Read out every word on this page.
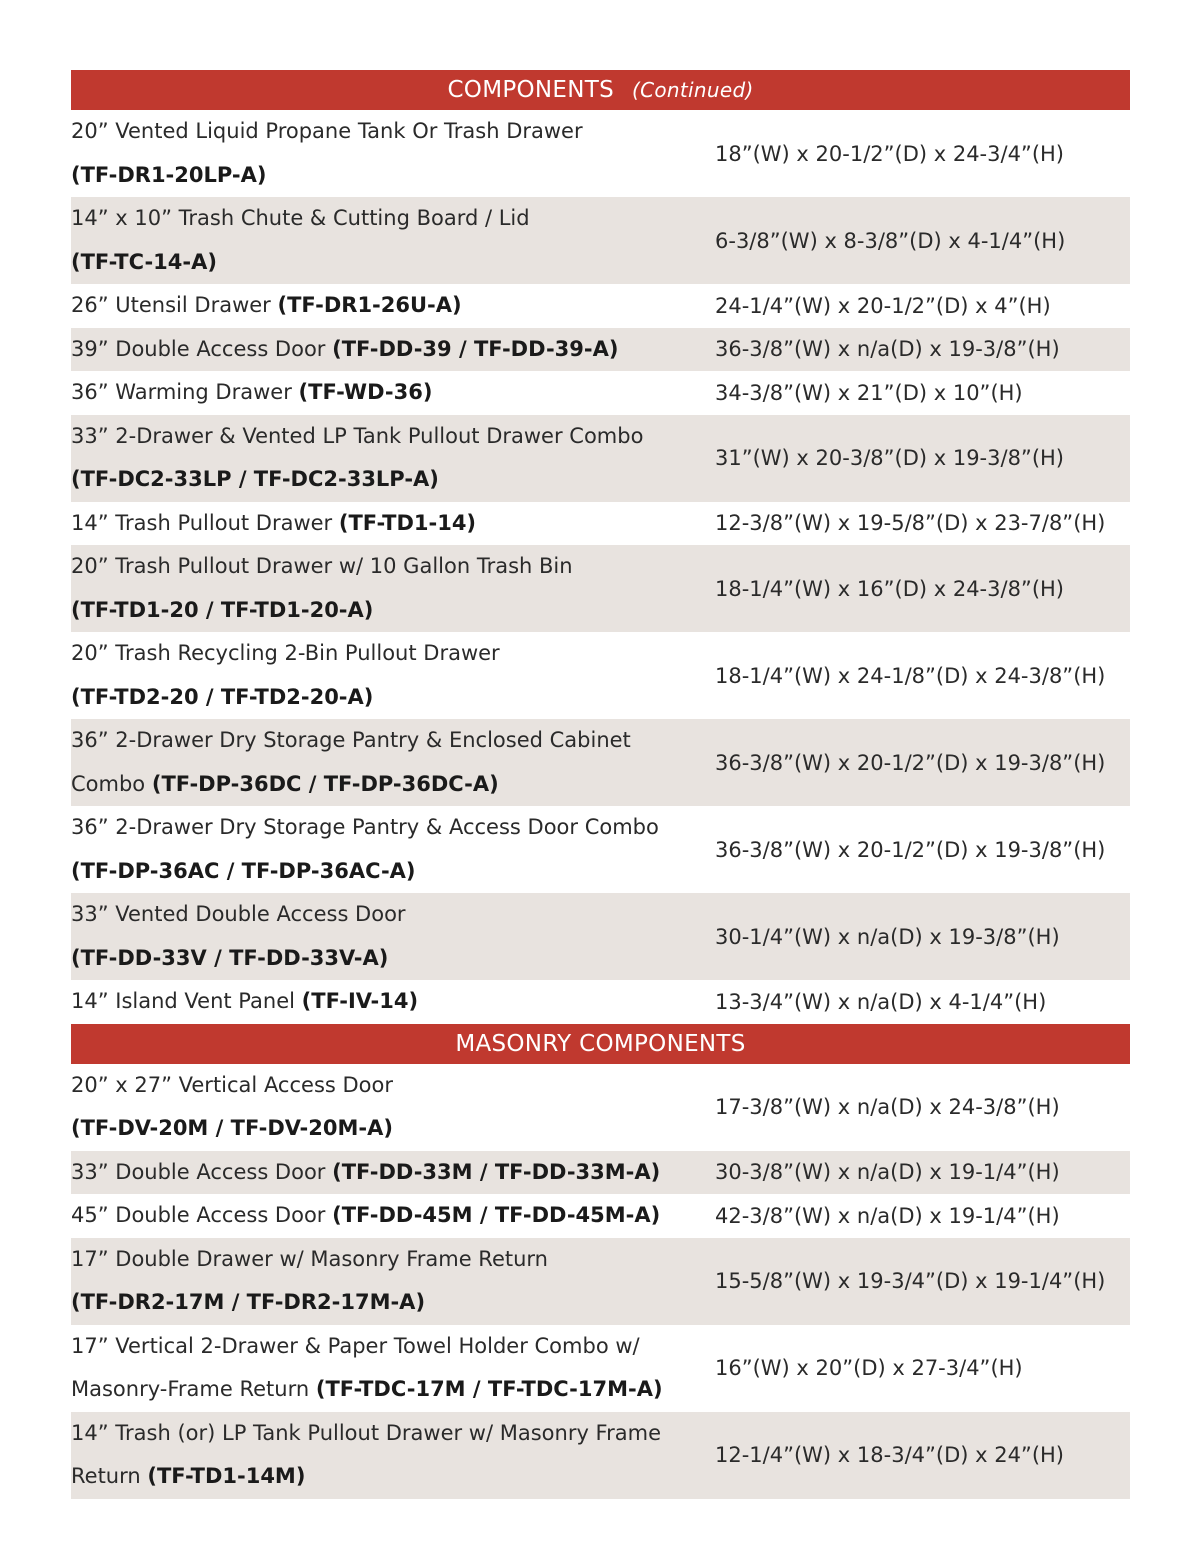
COMPONENTS (Continued)
20” Vented Liquid Propane Tank Or Trash Drawer
(TF-DR1-20LP-A)
18”(W) x 20-1/2”(D) x 24-3/4”(H)
14” x 10” Trash Chute & Cutting Board / Lid
(TF-TC-14-A)
6-3/8”(W) x 8-3/8”(D) x 4-1/4”(H)
26” Utensil Drawer (TF-DR1-26U-A)	24-1/4”(W) x 20-1/2”(D) x 4”(H)
39” Double Access Door (TF-DD-39 / TF-DD-39-A)	36-3/8”(W) x n/a(D) x 19-3/8”(H)
36” Warming Drawer (TF-WD-36)	34-3/8”(W) x 21”(D) x 10”(H)
33” 2-Drawer & Vented LP Tank Pullout Drawer Combo
(TF-DC2-33LP / TF-DC2-33LP-A)
31”(W) x 20-3/8”(D) x 19-3/8”(H)
14” Trash Pullout Drawer (TF-TD1-14)	12-3/8”(W) x 19-5/8”(D) x 23-7/8”(H)
20” Trash Pullout Drawer w/ 10 Gallon Trash Bin
(TF-TD1-20 / TF-TD1-20-A)
18-1/4”(W) x 16”(D) x 24-3/8”(H)
20” Trash Recycling 2-Bin Pullout Drawer
(TF-TD2-20 / TF-TD2-20-A)
18-1/4”(W) x 24-1/8”(D) x 24-3/8”(H)
36” 2-Drawer Dry Storage Pantry & Enclosed Cabinet
Combo (TF-DP-36DC / TF-DP-36DC-A)
36-3/8”(W) x 20-1/2”(D) x 19-3/8”(H)
36” 2-Drawer Dry Storage Pantry & Access Door Combo
(TF-DP-36AC / TF-DP-36AC-A)
36-3/8”(W) x 20-1/2”(D) x 19-3/8”(H)
33” Vented Double Access Door
(TF-DD-33V / TF-DD-33V-A)
30-1/4”(W) x n/a(D) x 19-3/8”(H)
14” Island Vent Panel (TF-IV-14)	13-3/4”(W) x n/a(D) x 4-1/4”(H)
MASONRY COMPONENTS
20” x 27” Vertical Access Door
(TF-DV-20M / TF-DV-20M-A)
17-3/8”(W) x n/a(D) x 24-3/8”(H)
33” Double Access Door (TF-DD-33M / TF-DD-33M-A)	30-3/8”(W) x n/a(D) x 19-1/4”(H)
45” Double Access Door (TF-DD-45M / TF-DD-45M-A)	42-3/8”(W) x n/a(D) x 19-1/4”(H)
17” Double Drawer w/ Masonry Frame Return
(TF-DR2-17M / TF-DR2-17M-A)
15-5/8”(W) x 19-3/4”(D) x 19-1/4”(H)
17” Vertical 2-Drawer & Paper Towel Holder Combo w/
Masonry-Frame Return (TF-TDC-17M / TF-TDC-17M-A)
16”(W) x 20”(D) x 27-3/4”(H)
14” Trash (or) LP Tank Pullout Drawer w/ Masonry Frame
Return (TF-TD1-14M)
12-1/4”(W) x 18-3/4”(D) x 24”(H)
